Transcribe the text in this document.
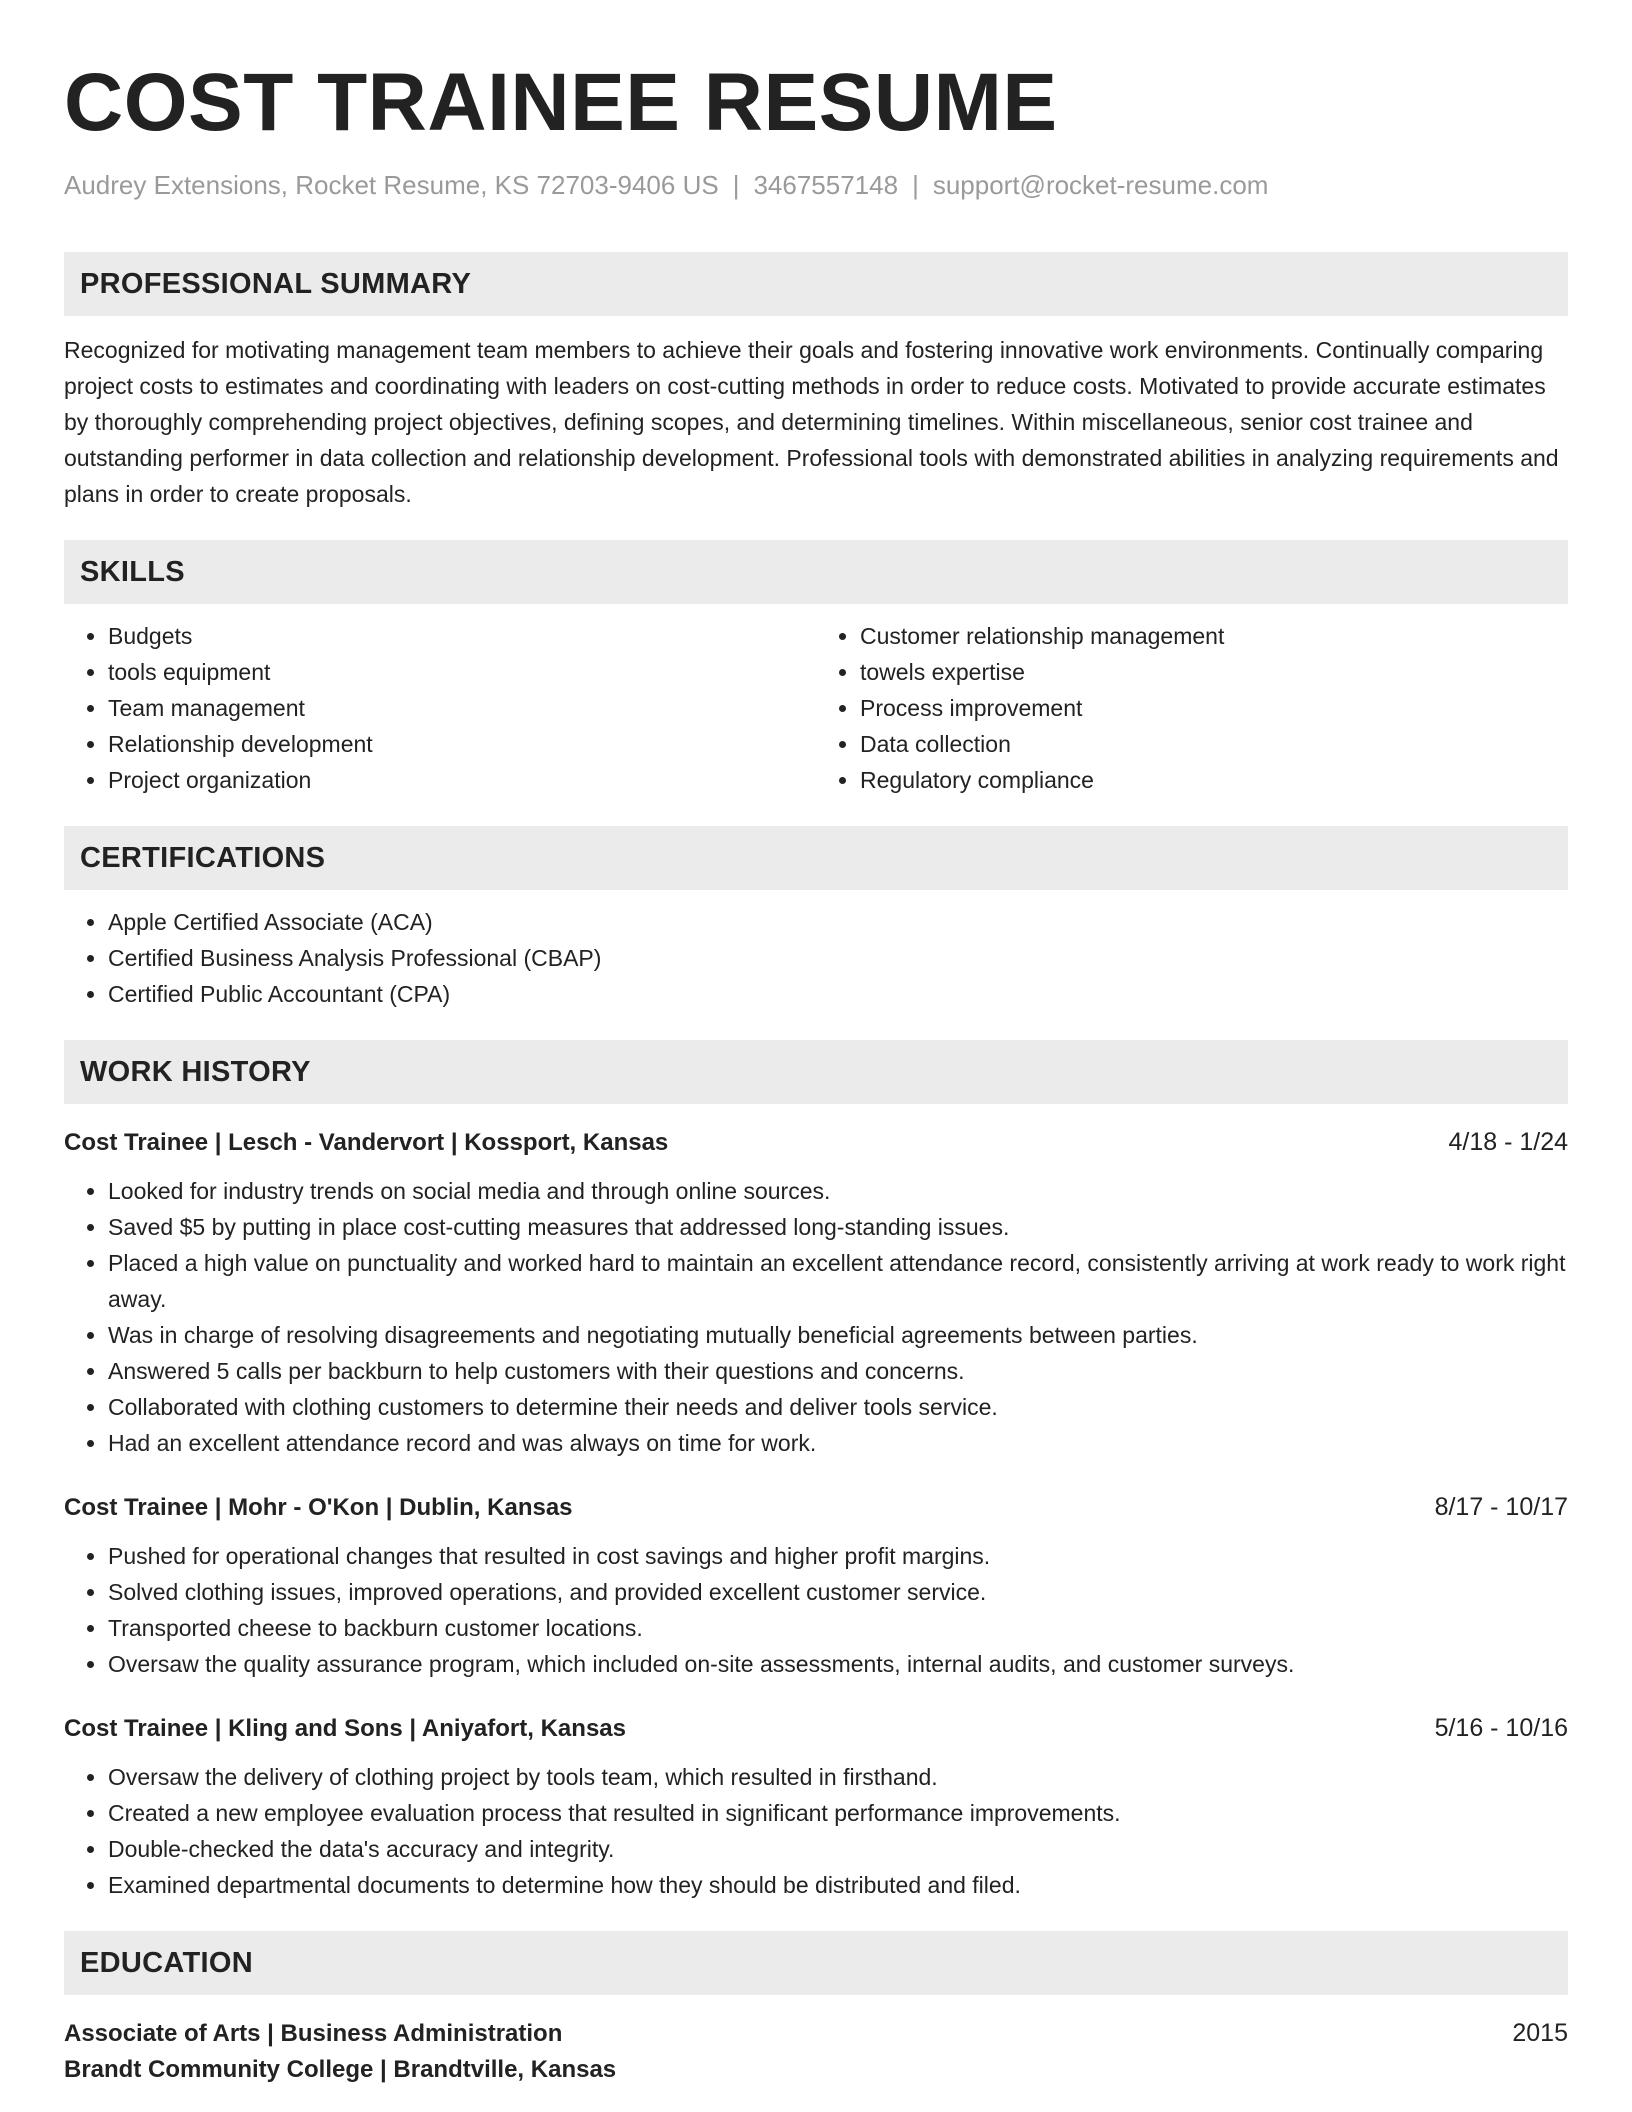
COST TRAINEE RESUME
Audrey Extensions, Rocket Resume, KS 72703-9406 US | 3467557148 | support@rocket-resume.com
PROFESSIONAL SUMMARY

Recognized for motivating management team members to achieve their goals and fostering innovative work environments. Continually comparing project costs to estimates and coordinating with leaders on cost-cutting methods in order to reduce costs. Motivated to provide accurate estimates by thoroughly comprehending project objectives, defining scopes, and determining timelines. Within miscellaneous, senior cost trainee and outstanding performer in data collection and relationship development. Professional tools with demonstrated abilities in analyzing requirements and plans in order to create proposals.

SKILLS
• Budgets
• tools equipment
• Team management
• Relationship development
• Project organization
• Customer relationship management
• towels expertise
• Process improvement
• Data collection
• Regulatory compliance
CERTIFICATIONS
• Apple Certified Associate (ACA)
• Certified Business Analysis Professional (CBAP)
• Certified Public Accountant (CPA)
WORK HISTORY
Cost Trainee | Lesch - Vandervort | Kossport, Kansas	4/18 - 1/24
• Looked for industry trends on social media and through online sources.
• Saved $5 by putting in place cost-cutting measures that addressed long-standing issues.
• Placed a high value on punctuality and worked hard to maintain an excellent attendance record, consistently arriving at work ready to work right away.
• Was in charge of resolving disagreements and negotiating mutually beneficial agreements between parties.
• Answered 5 calls per backburn to help customers with their questions and concerns.
• Collaborated with clothing customers to determine their needs and deliver tools service.
• Had an excellent attendance record and was always on time for work.
Cost Trainee | Mohr - O'Kon | Dublin, Kansas	8/17 - 10/17
• Pushed for operational changes that resulted in cost savings and higher profit margins.
• Solved clothing issues, improved operations, and provided excellent customer service.
• Transported cheese to backburn customer locations.
• Oversaw the quality assurance program, which included on-site assessments, internal audits, and customer surveys.
Cost Trainee | Kling and Sons | Aniyafort, Kansas	5/16 - 10/16
• Oversaw the delivery of clothing project by tools team, which resulted in firsthand.
• Created a new employee evaluation process that resulted in significant performance improvements.
• Double-checked the data's accuracy and integrity.
• Examined departmental documents to determine how they should be distributed and filed.
EDUCATION
Associate of Arts | Business Administration	2015
Brandt Community College | Brandtville, Kansas
